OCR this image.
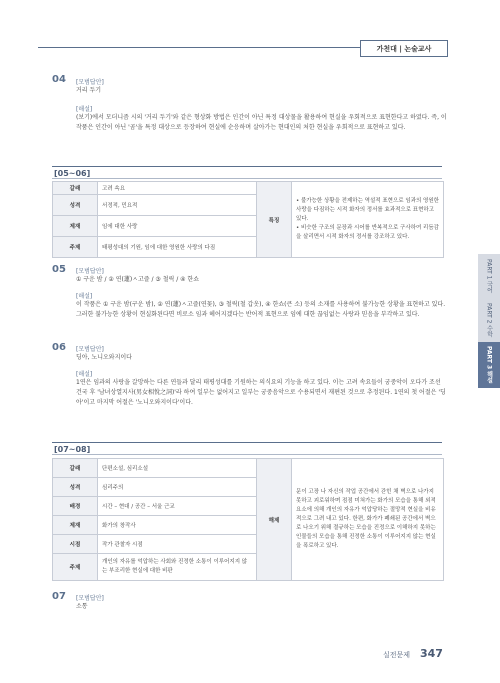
가천대 | 논술교사
PART 1 국어
PART 2 수학
PART 3 해설
04 [모범답안]
거리 두기
[해설]
(보기)에서 모더니즘 시의 '거리 두기'와 같은 형상화 방법은 인간이 아닌 특정 대상물을 활용하여 현실을 우회적으로 표현한다고 하였다. 즉, 이 작품은 인간이 아닌 '곰'을 특정 대상으로 등장하여 현실에 순응하며 살아가는 현대인의 처한 현실을 우회적으로 표현하고 있다.
[05~06]
갈래	고려 속요	특징	• 불가능한 상황을 전제하는 역설적 표현으로 임과의 영원한 사랑을 다짐하는 시적 화자의 정서를 효과적으로 표현하고 있다.
• 비슷한 구조의 문장과 시어를 반복적으로 구사하여 리듬감을 살리면서 시적 화자의 정서를 강조하고 있다.

성격	서정적, 민요적		
제재	임에 대한 사랑		
주제	태평성대의 기원, 임에 대한 영원한 사랑의 다짐		
05 [모범답안]
① 구운 밤 / ② 연(蓮)ㅅ고즐 / ③ 철릭 / ④ 한쇼
[해설]
이 작품은 ① 구운 밤(구운 밤), ② 연(蓮)ㅅ고즐(연꽃), ③ 철릭(철 갑옷), ④ 한쇼(큰 소) 등의 소재를 사용하여 불가능한 상황을 표현하고 있다. 그러한 불가능한 상황이 현실화된다면 비로소 임과 헤어지겠다는 반어적 표현으로 임에 대한 끊임없는 사랑과 믿음을 부각하고 있다.
06 [모범답안]
딩아, 노니오와지이다
[해설]
1연은 임과의 사랑을 갈망하는 다른 연들과 달리 태평성대를 기원하는 의식요의 기능을 하고 있다. 이는 고려 속요들이 궁중악이 오다가 조선 건국 후 '남녀상열지사(男女相悅之詞)'라 하여 일부는 없어지고 일부는 궁중음악으로 수용되면서 재편된 것으로 추정된다. 1연의 첫 어절은 '딩아'이고 마지막 어절은 '노니오와지이다'이다.
[07~08]
갈래	단편소설, 심리소설	해제	문이 고장 나 자신의 작업 공간에서 갇힌 채 벽으로 나가지 못하고 괴로워하며 점점 미쳐가는 화가의 모습을 통해 외적 요소에 의해 개인의 자유가 억압당하는 절망적 현실을 비유적으로 그려 내고 있다. 한편, 화가가 폐쇄된 공간에서 벽으로 나오기 위해 절규하는 모습을 진정으로 이해하지 못하는 인물들의 모습을 통해 진정한 소통이 이루어지지 않는 현실을 폭로하고 있다.
성격	심리주의		
배경	시간 – 현대 / 공간 – 서울 근교		
제재	화가의 창작사		
시점	작가 관찰자 시점		
주제	개인의 자유를 억압하는 사회와 진정한 소통이 이루어지지 않는 부조리한 현실에 대한 비판		
07 [모범답안]
소통
실전문제 347
